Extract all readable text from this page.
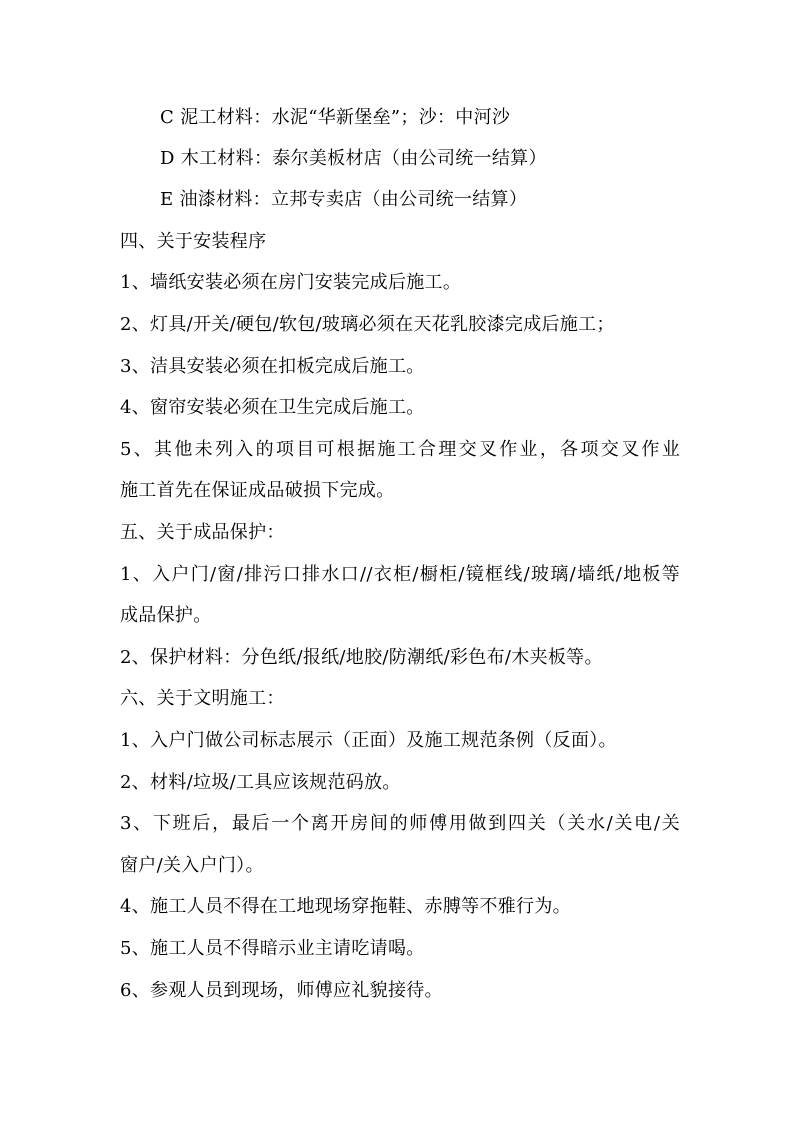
C 泥工材料：水泥“华新堡垒”；沙：中河沙
D 木工材料：泰尔美板材店（由公司统一结算）
E 油漆材料：立邦专卖店（由公司统一结算）
四、关于安装程序
1、墙纸安装必须在房门安装完成后施工。
2、灯具/开关/硬包/软包/玻璃必须在天花乳胶漆完成后施工；
3、洁具安装必须在扣板完成后施工。
4、窗帘安装必须在卫生完成后施工。
5、其他未列入的项目可根据施工合理交叉作业，各项交叉作业
施工首先在保证成品破损下完成。
五、关于成品保护：
1、入户门/窗/排污口排水口//衣柜/橱柜/镜框线/玻璃/墙纸/地板等
成品保护。
2、保护材料：分色纸/报纸/地胶/防潮纸/彩色布/木夹板等。
六、关于文明施工：
1、入户门做公司标志展示（正面）及施工规范条例（反面）。
2、材料/垃圾/工具应该规范码放。
3、下班后，最后一个离开房间的师傅用做到四关（关水/关电/关
窗户/关入户门）。
4、施工人员不得在工地现场穿拖鞋、赤膊等不雅行为。
5、施工人员不得暗示业主请吃请喝。
6、参观人员到现场，师傅应礼貌接待。
